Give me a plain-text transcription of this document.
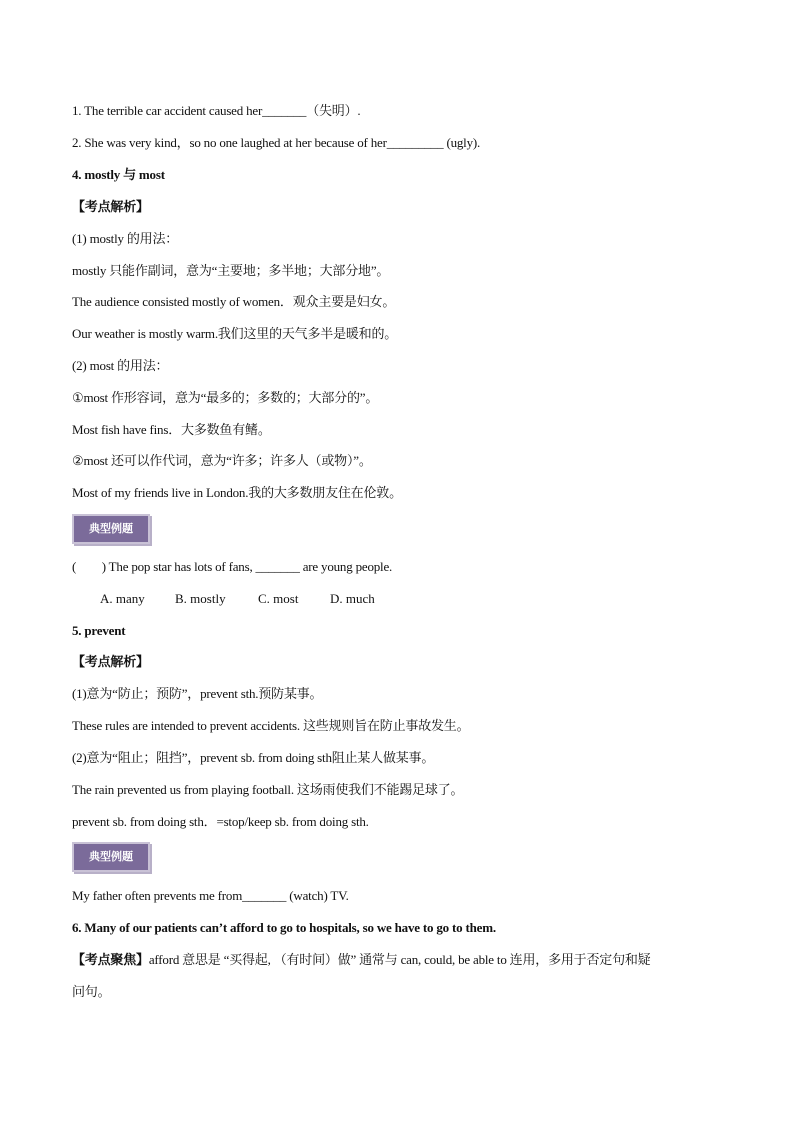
1. The terrible car accident caused her_______（失明）.
2. She was very kind，so no one laughed at her because of her_________ (ugly).
4. mostly 与 most
【考点解析】
(1) mostly 的用法：
mostly 只能作副词，意为“主要地；多半地；大部分地”。
The audience consisted mostly of women．观众主要是妇女。
Our weather is mostly warm.我们这里的天气多半是暖和的。
(2) most 的用法：
①most 作形容词，意为“最多的；多数的；大部分的”。
Most fish have fins．大多数鱼有鳍。
②most 还可以作代词，意为“许多；许多人（或物）”。
Most of my friends live in London.我的大多数朋友住在伦敦。
典型例题
(　　) The pop star has lots of fans, _______ are young people.
A. many B. mostly C. most D. much
5. prevent
【考点解析】
(1)意为“防止；预防”，prevent sth.预防某事。
These rules are intended to prevent accidents. 这些规则旨在防止事故发生。
(2)意为“阻止；阻挡”，prevent sb. from doing sth阻止某人做某事。
The rain prevented us from playing football. 这场雨使我们不能踢足球了。
prevent sb. from doing sth．=stop/keep sb. from doing sth.
典型例题
My father often prevents me from_______ (watch) TV.
6. Many of our patients can’t afford to go to hospitals, so we have to go to them.
【考点聚焦】afford 意思是 “买得起, （有时间）做” 通常与 can, could, be able to 连用，多用于否定句和疑
问句。
